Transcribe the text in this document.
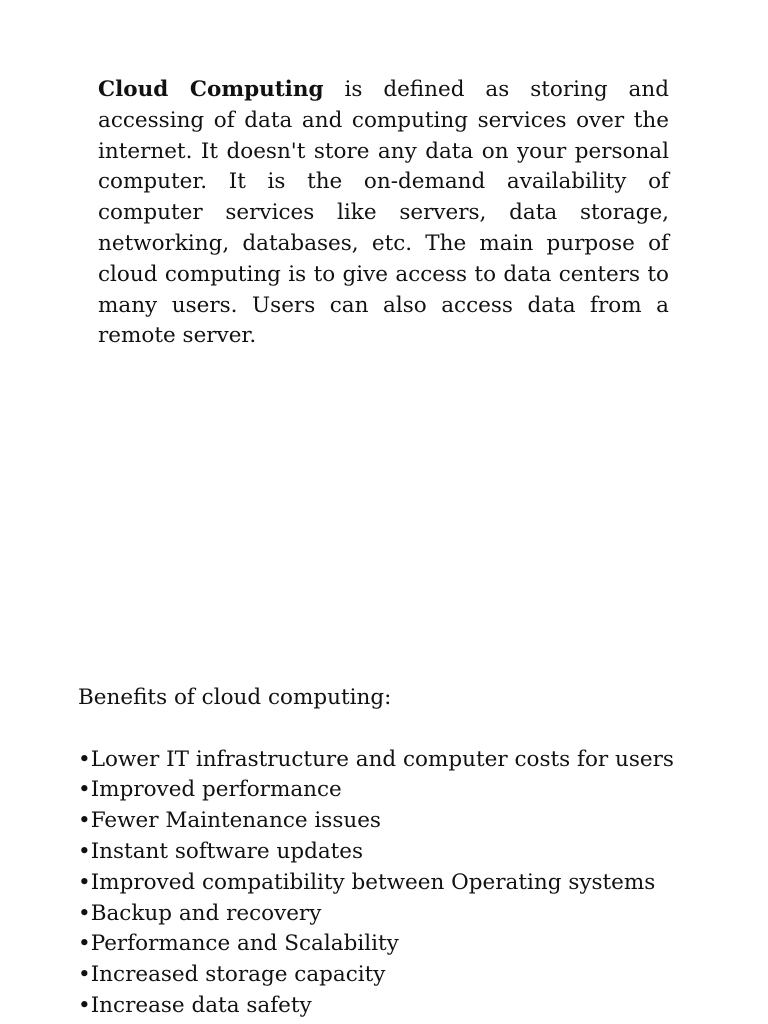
Cloud Computing is defined as storing and accessing of data and computing services over the internet. It doesn't store any data on your personal computer. It is the on-demand availability of computer services like servers, data storage, networking, databases, etc. The main purpose of cloud computing is to give access to data centers to many users. Users can also access data from a remote server.

Benefits of cloud computing:
•Lower IT infrastructure and computer costs for users
•Improved performance
•Fewer Maintenance issues
•Instant software updates
•Improved compatibility between Operating systems
•Backup and recovery
•Performance and Scalability
•Increased storage capacity
•Increase data safety
